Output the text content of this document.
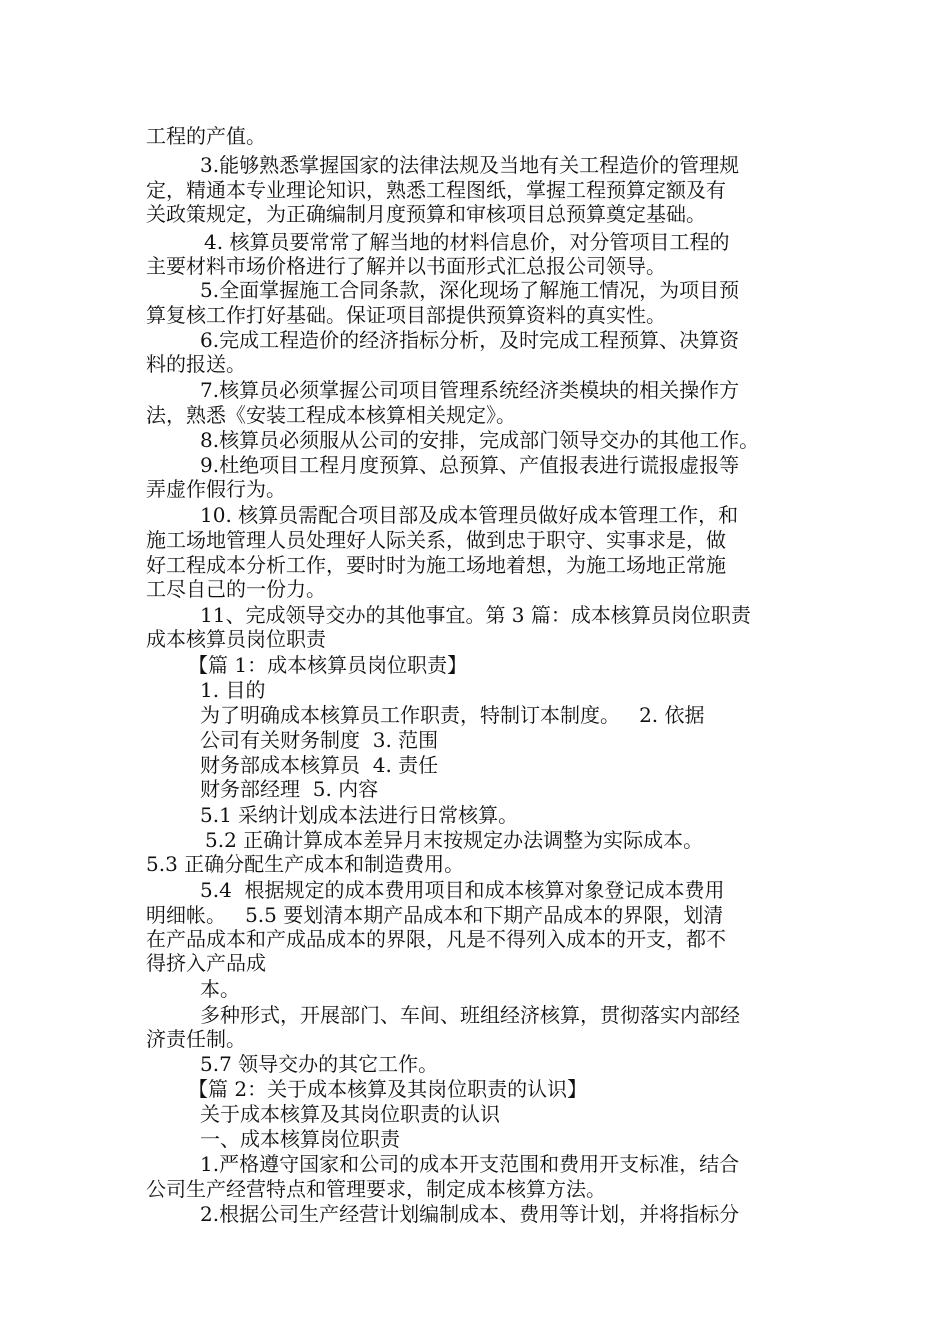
工程的产值。
3.能够熟悉掌握国家的法律法规及当地有关工程造价的管理规
定，精通本专业理论知识，熟悉工程图纸，掌握工程预算定额及有
关政策规定，为正确编制月度预算和审核项目总预算奠定基础。
4. 核算员要常常了解当地的材料信息价，对分管项目工程的
主要材料市场价格进行了解并以书面形式汇总报公司领导。
5.全面掌握施工合同条款，深化现场了解施工情况，为项目预
算复核工作打好基础。保证项目部提供预算资料的真实性。
6.完成工程造价的经济指标分析，及时完成工程预算、决算资
料的报送。
7.核算员必须掌握公司项目管理系统经济类模块的相关操作方
法，熟悉《安装工程成本核算相关规定》。
8.核算员必须服从公司的安排，完成部门领导交办的其他工作。
9.杜绝项目工程月度预算、总预算、产值报表进行谎报虚报等
弄虚作假行为。
10. 核算员需配合项目部及成本管理员做好成本管理工作，和
施工场地管理人员处理好人际关系，做到忠于职守、实事求是，做
好工程成本分析工作，要时时为施工场地着想，为施工场地正常施
工尽自己的一份力。
11、完成领导交办的其他事宜。第 3 篇：成本核算员岗位职责
成本核算员岗位职责
【篇 1：成本核算员岗位职责】
1. 目的
为了明确成本核算员工作职责，特制订本制度。   2. 依据
公司有关财务制度  3. 范围
财务部成本核算员  4. 责任
财务部经理  5. 内容
5.1 采纳计划成本法进行日常核算。
5.2 正确计算成本差异月末按规定办法调整为实际成本。
5.3 正确分配生产成本和制造费用。
5.4  根据规定的成本费用项目和成本核算对象登记成本费用
明细帐。   5.5 要划清本期产品成本和下期产品成本的界限，划清
在产品成本和产成品成本的界限，凡是不得列入成本的开支，都不
得挤入产品成
本。
多种形式，开展部门、车间、班组经济核算，贯彻落实内部经
济责任制。
5.7 领导交办的其它工作。
【篇 2：关于成本核算及其岗位职责的认识】
关于成本核算及其岗位职责的认识
一、成本核算岗位职责
1.严格遵守国家和公司的成本开支范围和费用开支标准，结合
公司生产经营特点和管理要求，制定成本核算方法。
2.根据公司生产经营计划编制成本、费用等计划，并将指标分
